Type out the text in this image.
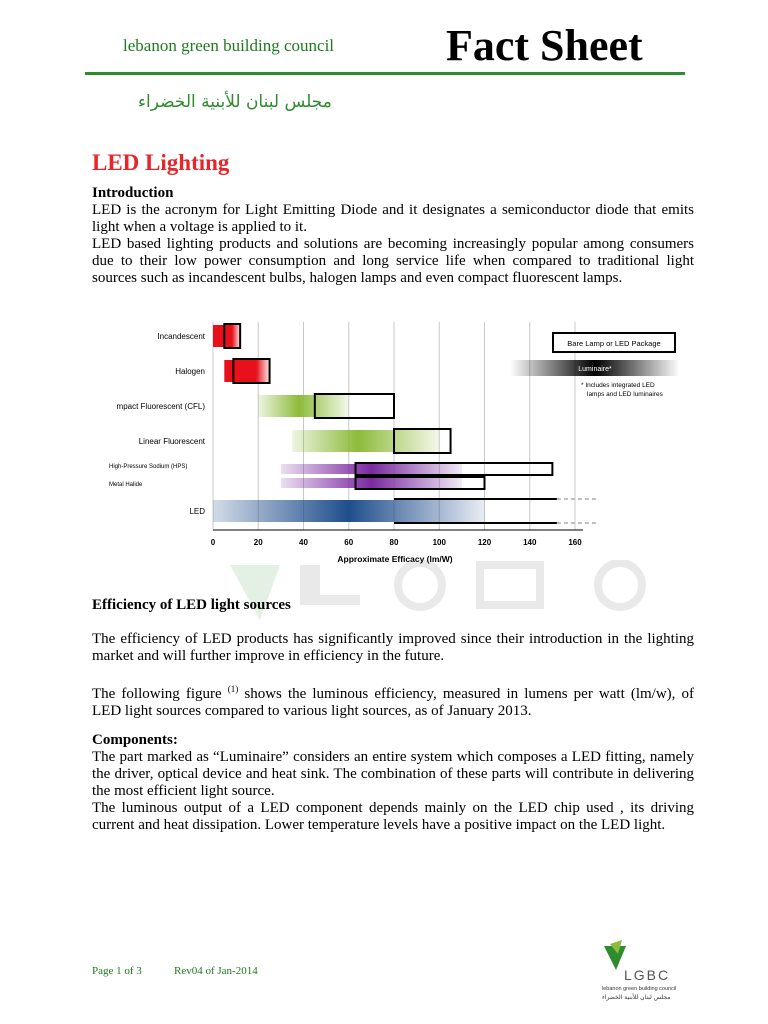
lebanon green building council	Fact Sheet
مجلس لبنان للأبنية الخضراء
LED Lighting
Introduction
LED is the acronym for Light Emitting Diode and it designates a semiconductor diode that emits light when a voltage is applied to it.
LED based lighting products and solutions are becoming increasingly popular among consumers due to their low power consumption and long service life when compared to traditional light sources such as incandescent bulbs, halogen lamps and even compact fluorescent lamps.
Incandescent
Halogen
mpact Fluorescent (CFL)
Linear Fluorescent
High-Pressure Sodium (HPS)
Metal Halide
LED
0	20	40	60	80	100	120	140	160
Approximate Efficacy (lm/W)
Bare Lamp or LED Package
Luminaire*
* Includes integrated LED
lamps and LED luminaires
Efficiency of LED light sources
The efficiency of LED products has significantly improved since their introduction in the lighting market and will further improve in efficiency in the future.
The following figure $^{(1)}$ shows the luminous efficiency, measured in lumens per watt (lm/w), of LED light sources compared to various light sources, as of January 2013.
Components:
The part marked as “Luminaire” considers an entire system which composes a LED fitting, namely the driver, optical device and heat sink. The combination of these parts will contribute in delivering the most efficient light source.
The luminous output of a LED component depends mainly on the LED chip used , its driving current and heat dissipation. Lower temperature levels have a positive impact on the LED light.
Page 1 of 3	Rev04 of Jan-2014	LGBC
lebanon green building council
مجلس لبنان للأبنية الخضراء
